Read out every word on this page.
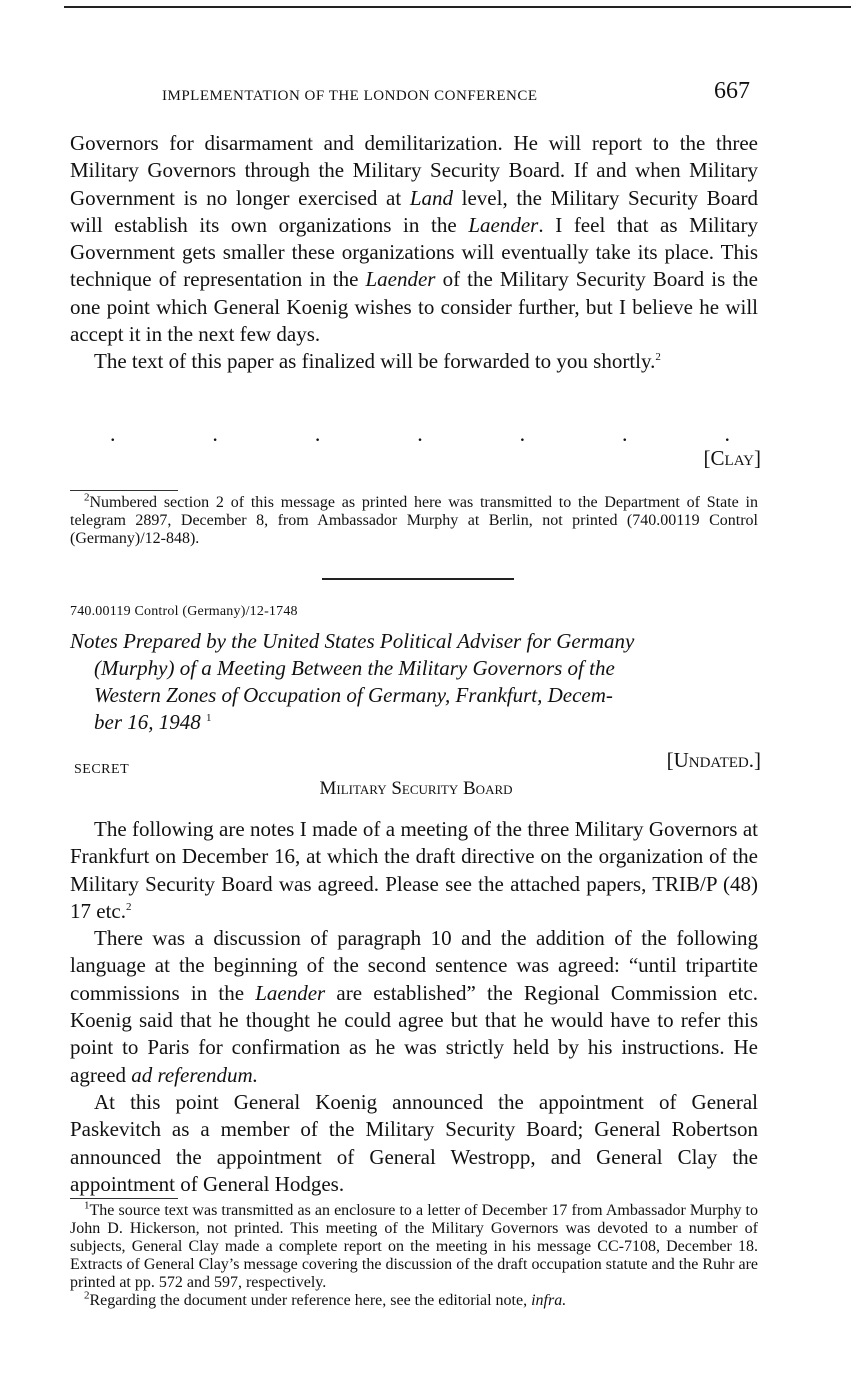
IMPLEMENTATION OF THE LONDON CONFERENCE	667

Governors for disarmament and demilitarization. He will report to the three Military Governors through the Military Security Board. If and when Military Government is no longer exercised at Land level, the Military Security Board will establish its own organizations in the Laender. I feel that as Military Government gets smaller these organizations will eventually take its place. This technique of representation in the Laender of the Military Security Board is the one point which General Koenig wishes to consider further, but I believe he will accept it in the next few days.

The text of this paper as finalized will be forwarded to you shortly.$^2$

.	.	.	.	.	.	.
[Clay]

$^2$Numbered section 2 of this message as printed here was transmitted to the Department of State in telegram 2897, December 8, from Ambassador Murphy at Berlin, not printed (740.00119 Control (Germany)/12-848).

740.00119 Control (Germany)/12-1748
Notes Prepared by the United States Political Adviser for Germany
(Murphy) of a Meeting Between the Military Governors of the
Western Zones of Occupation of Germany, Frankfurt, Decem-
ber 16, 1948 $^1$
SECRET	[Undated.]
Military Security Board

The following are notes I made of a meeting of the three Military Governors at Frankfurt on December 16, at which the draft directive on the organization of the Military Security Board was agreed. Please see the attached papers, TRIB/P (48) 17 etc.$^2$

There was a discussion of paragraph 10 and the addition of the following language at the beginning of the second sentence was agreed: “until tripartite commissions in the Laender are established” the Regional Commission etc. Koenig said that he thought he could agree but that he would have to refer this point to Paris for confirmation as he was strictly held by his instructions. He agreed ad referendum.

At this point General Koenig announced the appointment of General Paskevitch as a member of the Military Security Board; General Robertson announced the appointment of General Westropp, and General Clay the appointment of General Hodges.

$^1$The source text was transmitted as an enclosure to a letter of December 17 from Ambassador Murphy to John D. Hickerson, not printed. This meeting of the Military Governors was devoted to a number of subjects, General Clay made a complete report on the meeting in his message CC-7108, December 18. Extracts of General Clay’s message covering the discussion of the draft occupation statute and the Ruhr are printed at pp. 572 and 597, respectively.

$^2$Regarding the document under reference here, see the editorial note, infra.
